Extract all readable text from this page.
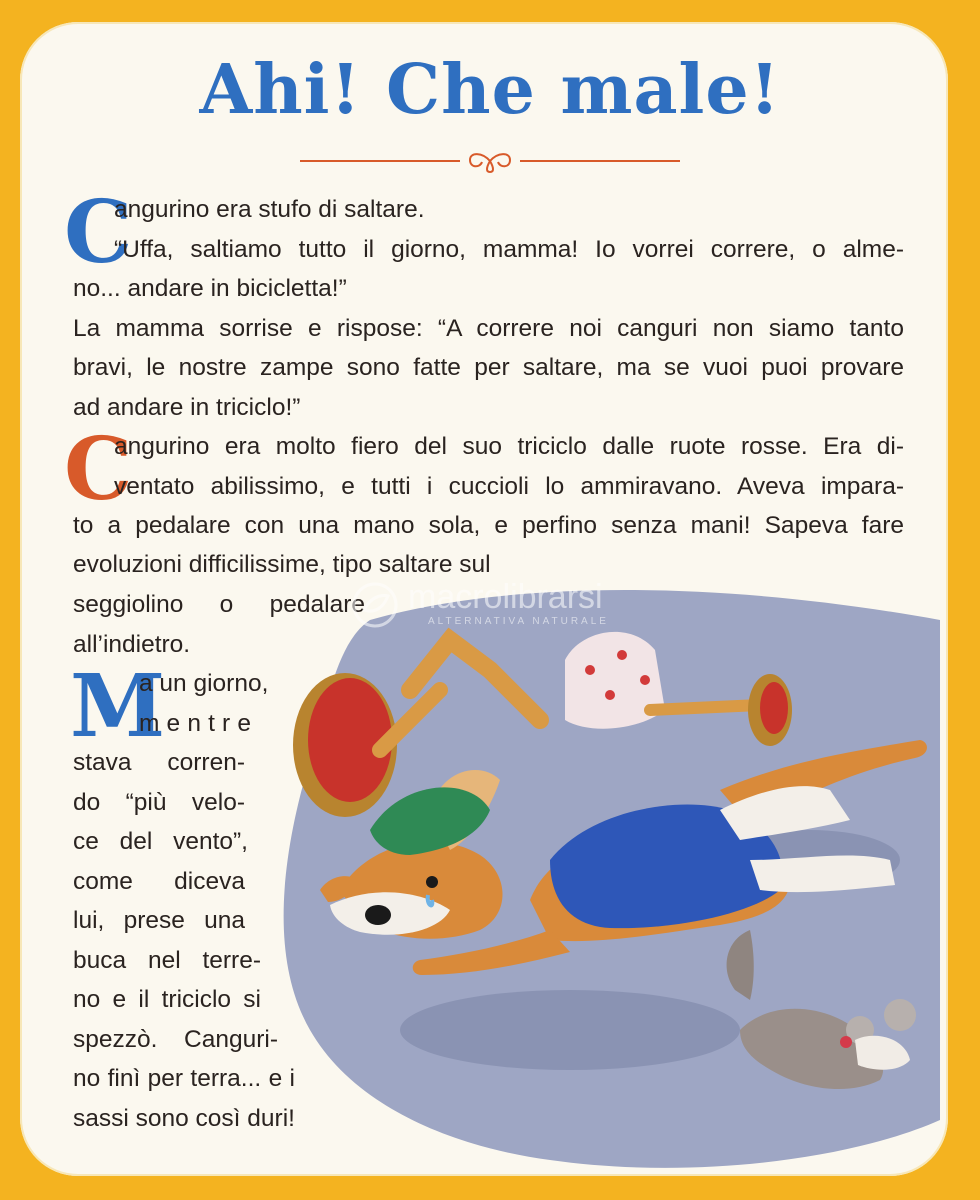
Ahi! Che male!
C
angurino era stufo di saltare.
“Uffa, saltiamo tutto il giorno, mamma! Io vorrei correre, o alme-
no... andare in bicicletta!”
La mamma sorrise e rispose: “A correre noi canguri non siamo tanto
bravi, le nostre zampe sono fatte per saltare, ma se vuoi puoi provare
ad andare in triciclo!”
C
angurino era molto fiero del suo triciclo dalle ruote rosse. Era di-
ventato abilissimo, e tutti i cuccioli lo ammiravano. Aveva impara-
to a pedalare con una mano sola, e perfino senza mani! Sapeva fare
evoluzioni difficilissime, tipo saltare sul
seggiolino o pedalare
all’indietro.
M
a un giorno,
m e n t r e
stava corren-
do “più velo-
ce del vento”,
come diceva
lui, prese una
buca nel terre-
no e il triciclo si
spezzò. Canguri-
no finì per terra... e i
sassi sono così duri!
macrolibrarsi
ALTERNATIVA NATURALE
